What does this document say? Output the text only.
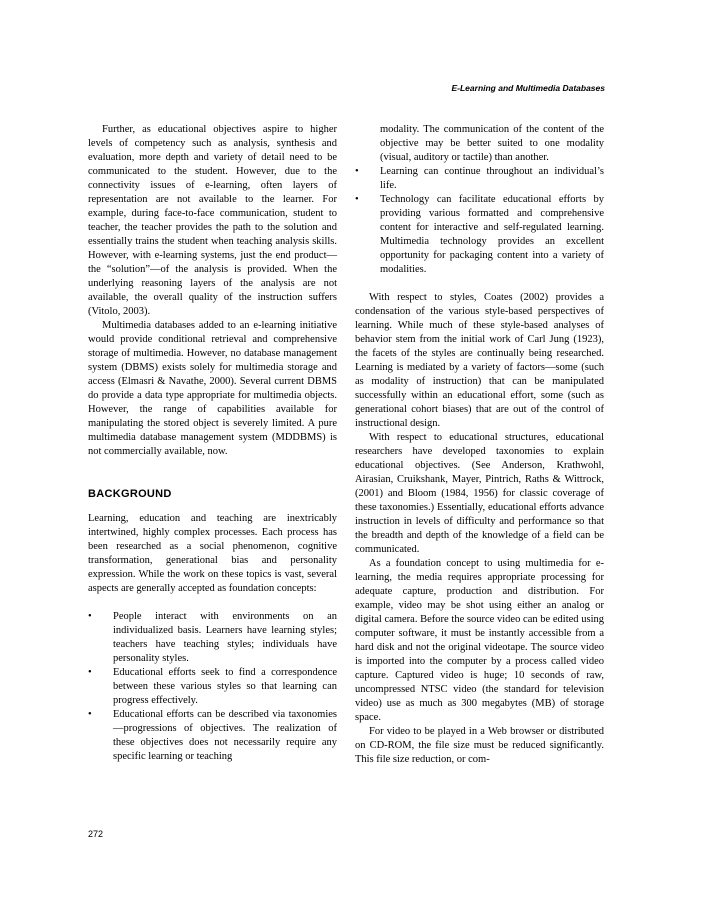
E-Learning and Multimedia Databases

Further, as educational objectives aspire to higher levels of competency such as analysis, synthesis and evaluation, more depth and variety of detail need to be communicated to the student. However, due to the connectivity issues of e-learning, often layers of representation are not available to the learner. For example, during face-to-face communication, student to teacher, the teacher provides the path to the solution and essentially trains the student when teaching analysis skills. However, with e-learning systems, just the end product—the “solution”—of the analysis is provided. When the underlying reasoning layers of the analysis are not available, the overall quality of the instruction suffers (Vitolo, 2003).

Multimedia databases added to an e-learning initiative would provide conditional retrieval and comprehensive storage of multimedia. However, no database management system (DBMS) exists solely for multimedia storage and access (Elmasri & Navathe, 2000). Several current DBMS do provide a data type appropriate for multimedia objects. However, the range of capabilities available for manipulating the stored object is severely limited. A pure multimedia database management system (MDDBMS) is not commercially available, now.

BACKGROUND

Learning, education and teaching are inextricably intertwined, highly complex processes. Each process has been researched as a social phenomenon, cognitive transformation, generational bias and personality expression. While the work on these topics is vast, several aspects are generally accepted as foundation concepts:

• People interact with environments on an individualized basis. Learners have learning styles; teachers have teaching styles; individuals have personality styles.
• Educational efforts seek to find a correspondence between these various styles so that learning can progress effectively.
• Educational efforts can be described via taxonomies—progressions of objectives. The realization of these objectives does not necessarily require any specific learning or teaching

modality. The communication of the content of the objective may be better suited to one modality (visual, auditory or tactile) than another.

• Learning can continue throughout an individual’s life.
• Technology can facilitate educational efforts by providing various formatted and comprehensive content for interactive and self-regulated learning. Multimedia technology provides an excellent opportunity for packaging content into a variety of modalities.

With respect to styles, Coates (2002) provides a condensation of the various style-based perspectives of learning. While much of these style-based analyses of behavior stem from the initial work of Carl Jung (1923), the facets of the styles are continually being researched. Learning is mediated by a variety of factors—some (such as modality of instruction) that can be manipulated successfully within an educational effort, some (such as generational cohort biases) that are out of the control of instructional design.

With respect to educational structures, educational researchers have developed taxonomies to explain educational objectives. (See Anderson, Krathwohl, Airasian, Cruikshank, Mayer, Pintrich, Raths & Wittrock, (2001) and Bloom (1984, 1956) for classic coverage of these taxonomies.) Essentially, educational efforts advance instruction in levels of difficulty and performance so that the breadth and depth of the knowledge of a field can be communicated.

As a foundation concept to using multimedia for e-learning, the media requires appropriate processing for adequate capture, production and distribution. For example, video may be shot using either an analog or digital camera. Before the source video can be edited using computer software, it must be instantly accessible from a hard disk and not the original videotape. The source video is imported into the computer by a process called video capture. Captured video is huge; 10 seconds of raw, uncompressed NTSC video (the standard for television video) use as much as 300 megabytes (MB) of storage space.

For video to be played in a Web browser or distributed on CD-ROM, the file size must be reduced significantly. This file size reduction, or com-

272
